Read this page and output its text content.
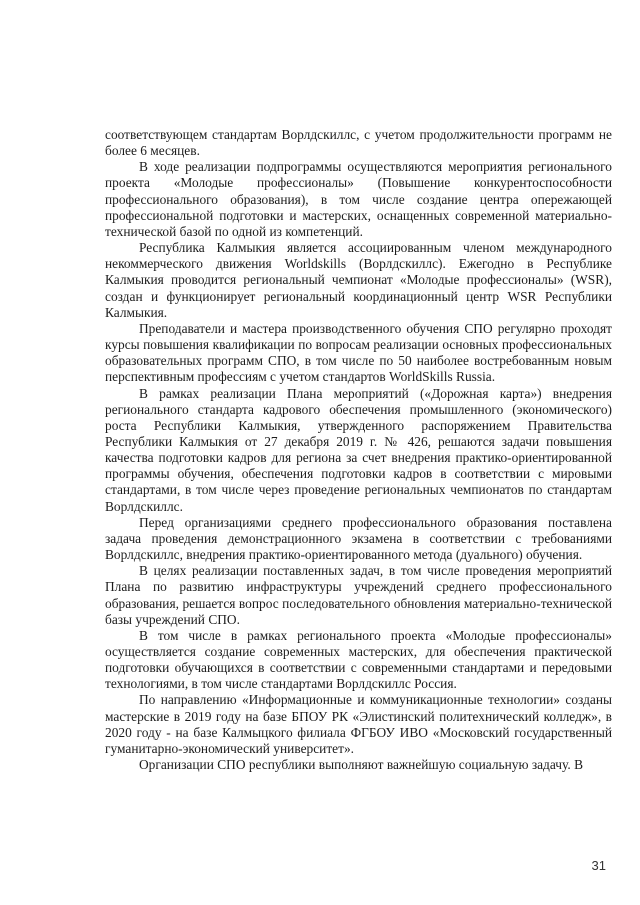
соответствующем стандартам Ворлдскиллс, с учетом продолжительности программ не более 6 месяцев.

В ходе реализации подпрограммы осуществляются мероприятия регионального проекта «Молодые профессионалы» (Повышение конкурентоспособности профессионального образования), в том числе создание центра опережающей профессиональной подготовки и мастерских, оснащенных современной материально-технической базой по одной из компетенций.

Республика Калмыкия является ассоциированным членом международного некоммерческого движения Worldskills (Ворлдскиллс). Ежегодно в Республике Калмыкия проводится региональный чемпионат «Молодые профессионалы» (WSR), создан и функционирует региональный координационный центр WSR Республики Калмыкия.

Преподаватели и мастера производственного обучения СПО регулярно проходят курсы повышения квалификации по вопросам реализации основных профессиональных образовательных программ СПО, в том числе по 50 наиболее востребованным новым перспективным профессиям с учетом стандартов WorldSkills Russia.

В рамках реализации Плана мероприятий («Дорожная карта») внедрения регионального стандарта кадрового обеспечения промышленного (экономического) роста Республики Калмыкия, утвержденного распоряжением Правительства Республики Калмыкия от 27 декабря 2019 г. № 426, решаются задачи повышения качества подготовки кадров для региона за счет внедрения практико-ориентированной программы обучения, обеспечения подготовки кадров в соответствии с мировыми стандартами, в том числе через проведение региональных чемпионатов по стандартам Ворлдскиллс.

Перед организациями среднего профессионального образования поставлена задача проведения демонстрационного экзамена в соответствии с требованиями Ворлдскиллс, внедрения практико-ориентированного метода (дуального) обучения.

В целях реализации поставленных задач, в том числе проведения мероприятий Плана по развитию инфраструктуры учреждений среднего профессионального образования, решается вопрос последовательного обновления материально-технической базы учреждений СПО.

В том числе в рамках регионального проекта «Молодые профессионалы» осуществляется создание современных мастерских, для обеспечения практической подготовки обучающихся в соответствии с современными стандартами и передовыми технологиями, в том числе стандартами Ворлдскиллс Россия.

По направлению «Информационные и коммуникационные технологии» созданы мастерские в 2019 году на базе БПОУ РК «Элистинский политехнический колледж», в 2020 году - на базе Калмыцкого филиала ФГБОУ ИВО «Московский государственный гуманитарно-экономический университет».

Организации СПО республики выполняют важнейшую социальную задачу. В

31
